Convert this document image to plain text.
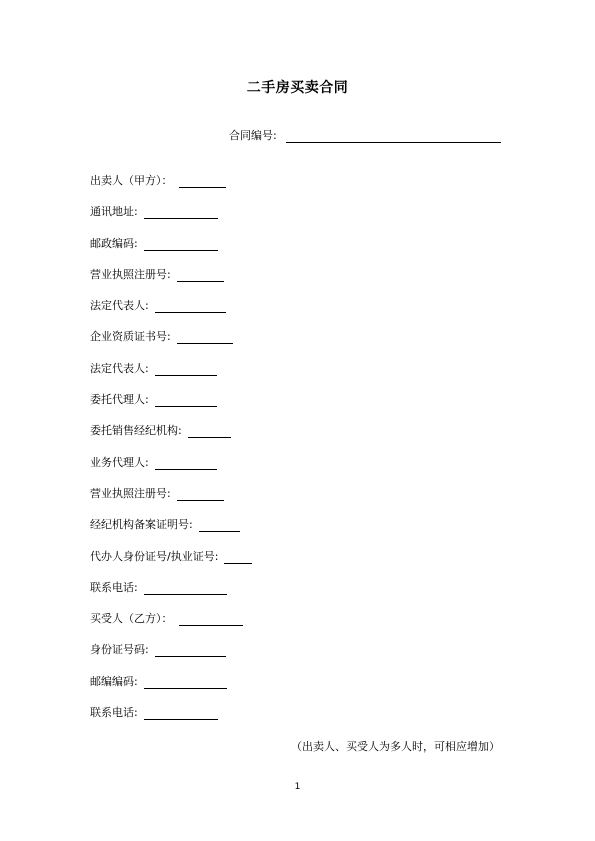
二手房买卖合同
合同编号:
出卖人（甲方）：
通讯地址:
邮政编码:
营业执照注册号:
法定代表人:
企业资质证书号:
法定代表人:
委托代理人:
委托销售经纪机构:
业务代理人:
营业执照注册号:
经纪机构备案证明号:
代办人身份证号/执业证号:
联系电话:
买受人（乙方）：
身份证号码:
邮编编码:
联系电话:
（出卖人、买受人为多人时，可相应增加）
1
